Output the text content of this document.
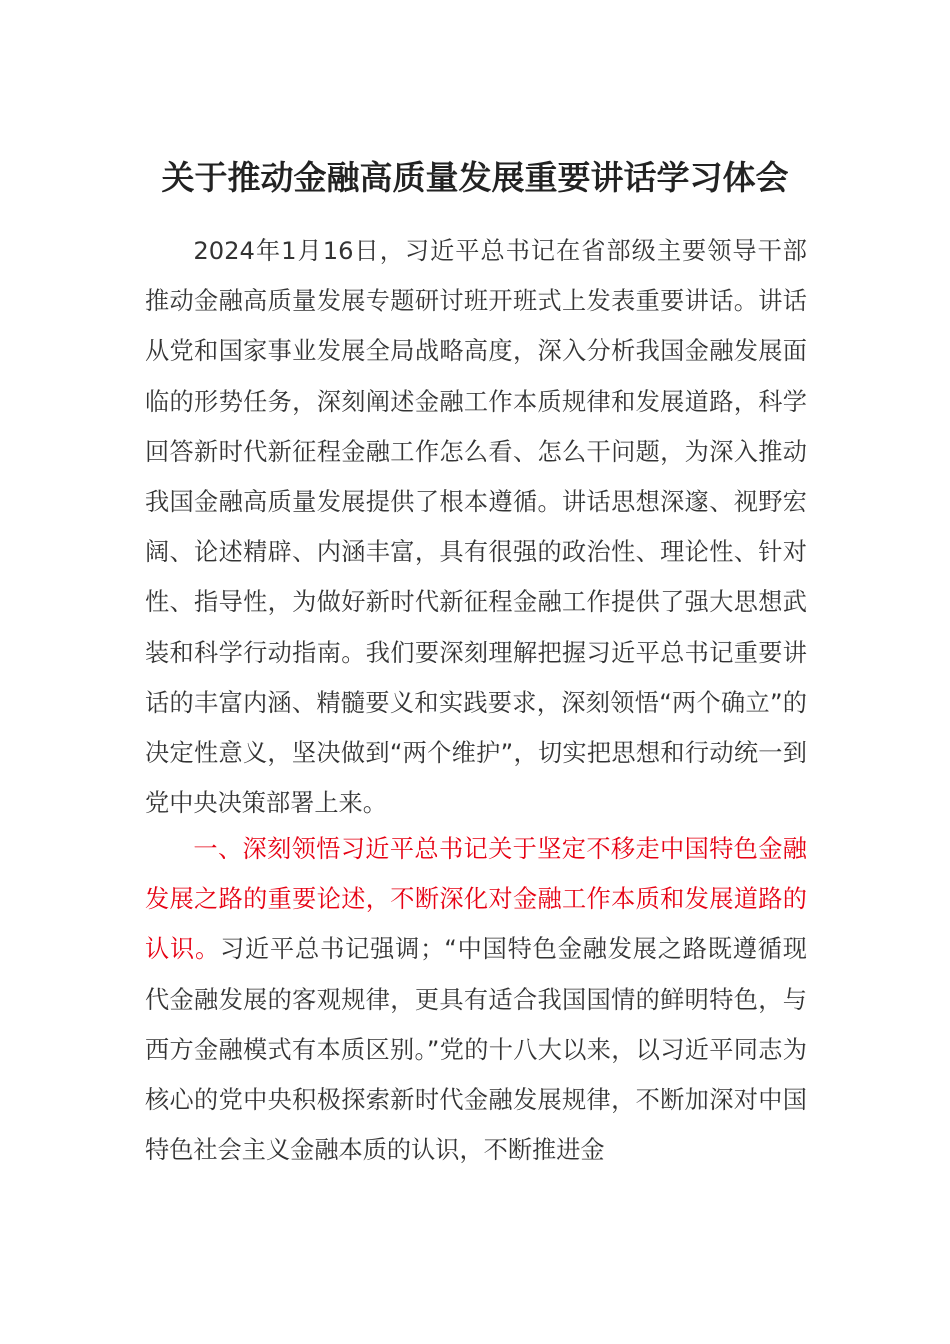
关于推动金融高质量发展重要讲话学习体会

2024年1月16日，习近平总书记在省部级主要领导干部推动金融高质量发展专题研讨班开班式上发表重要讲话。讲话从党和国家事业发展全局战略高度，深入分析我国金融发展面临的形势任务，深刻阐述金融工作本质规律和发展道路，科学回答新时代新征程金融工作怎么看、怎么干问题，为深入推动我国金融高质量发展提供了根本遵循。讲话思想深邃、视野宏阔、论述精辟、内涵丰富，具有很强的政治性、理论性、针对性、指导性，为做好新时代新征程金融工作提供了强大思想武装和科学行动指南。我们要深刻理解把握习近平总书记重要讲话的丰富内涵、精髓要义和实践要求，深刻领悟“两个确立”的决定性意义，坚决做到“两个维护”，切实把思想和行动统一到党中央决策部署上来。

一、深刻领悟习近平总书记关于坚定不移走中国特色金融发展之路的重要论述，不断深化对金融工作本质和发展道路的认识。习近平总书记强调；“中国特色金融发展之路既遵循现代金融发展的客观规律，更具有适合我国国情的鲜明特色，与西方金融模式有本质区别。”党的十八大以来，以习近平同志为核心的党中央积极探索新时代金融发展规律，不断加深对中国特色社会主义金融本质的认识，不断推进金
